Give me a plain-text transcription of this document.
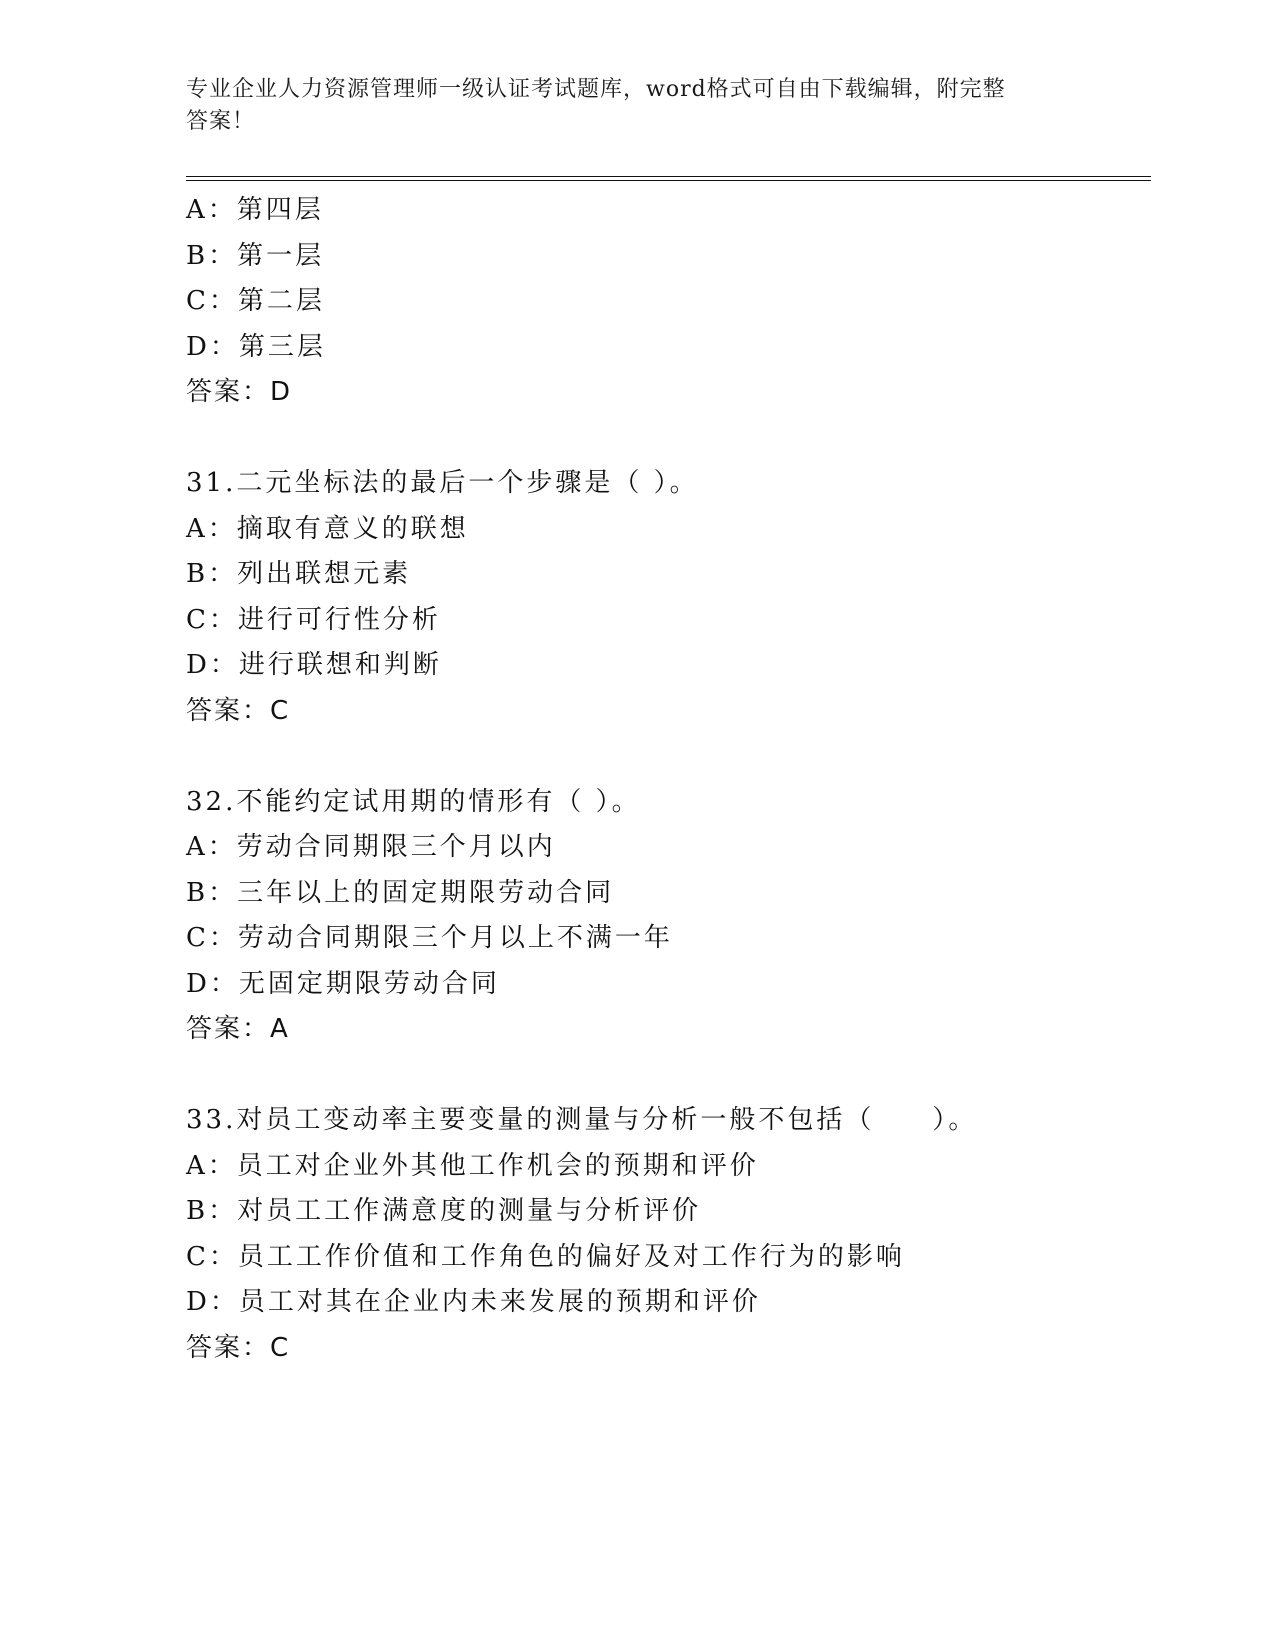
专业企业人力资源管理师一级认证考试题库，word格式可自由下载编辑，附完整
答案！
A：第四层
B：第一层
C：第二层
D：第三层
答案：D
31.二元坐标法的最后一个步骤是（ ）。
A：摘取有意义的联想
B：列出联想元素
C：进行可行性分析
D：进行联想和判断
答案：C
32.不能约定试用期的情形有（ ）。
A：劳动合同期限三个月以内
B：三年以上的固定期限劳动合同
C：劳动合同期限三个月以上不满一年
D：无固定期限劳动合同
答案：A
33.对员工变动率主要变量的测量与分析一般不包括（　　）。
A：员工对企业外其他工作机会的预期和评价
B：对员工工作满意度的测量与分析评价
C：员工工作价值和工作角色的偏好及对工作行为的影响
D：员工对其在企业内未来发展的预期和评价
答案：C
